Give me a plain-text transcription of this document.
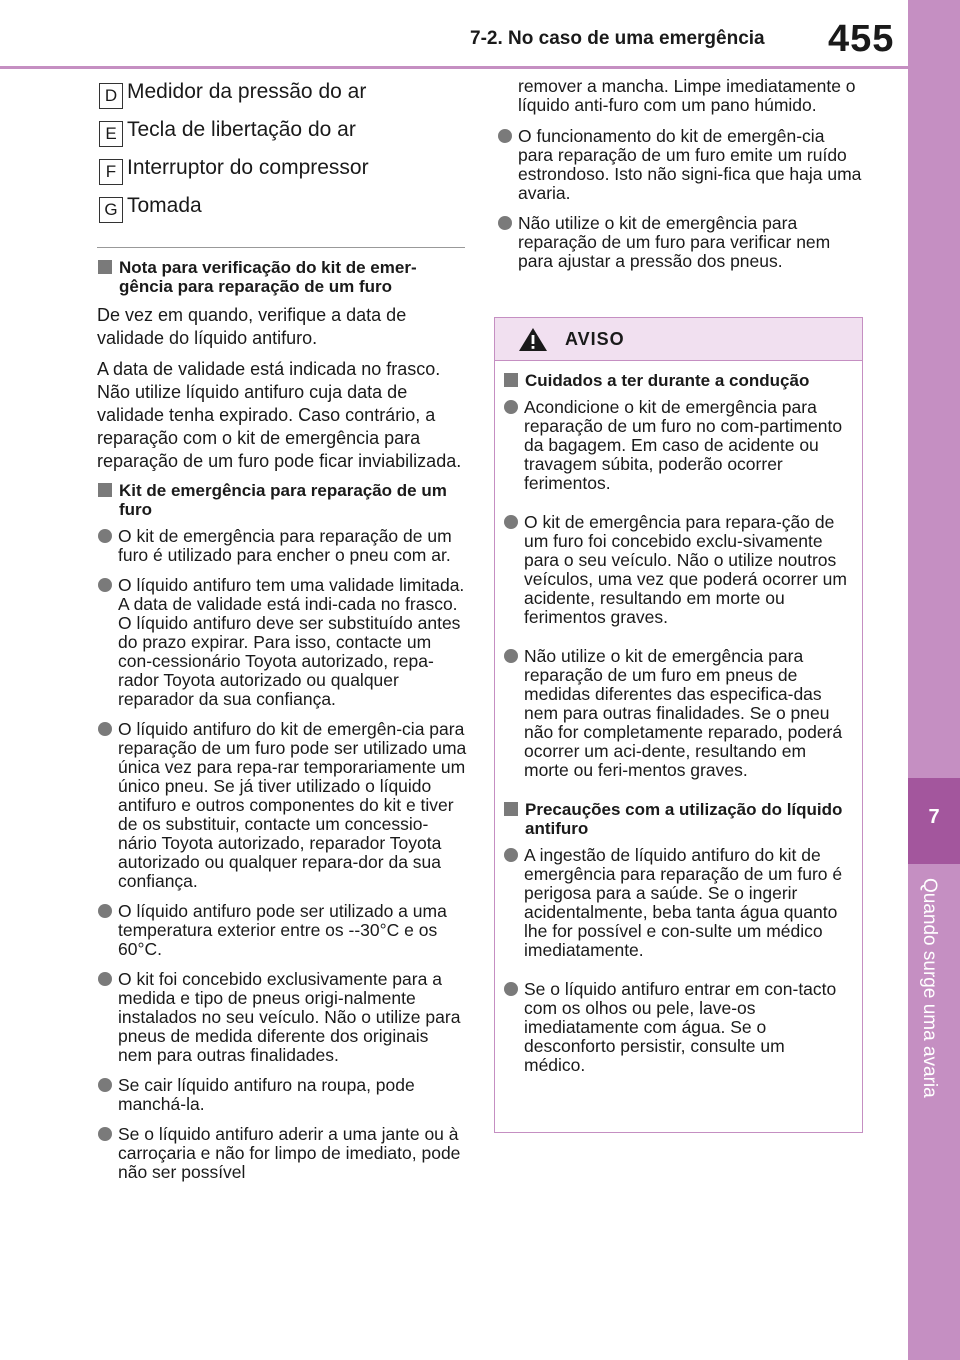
7-2. No caso de uma emergência 455
7
Quando surge uma avaria
D Medidor da pressão do ar
E Tecla de libertação do ar
F Interruptor do compressor
G Tomada
Nota para verificação do kit de emer-gência para reparação de um furo
De vez em quando, verifique a data de validade do líquido antifuro.
A data de validade está indicada no frasco. Não utilize líquido antifuro cuja data de validade tenha expirado. Caso contrário, a reparação com o kit de emergência para reparação de um furo pode ficar inviabilizada.
Kit de emergência para reparação de um furo
O kit de emergência para reparação de um furo é utilizado para encher o pneu com ar.
O líquido antifuro tem uma validade limitada. A data de validade está indi-cada no frasco. O líquido antifuro deve ser substituído antes do prazo expirar. Para isso, contacte um con-cessionário Toyota autorizado, repa-rador Toyota autorizado ou qualquer reparador da sua confiança.
O líquido antifuro do kit de emergên-cia para reparação de um furo pode ser utilizado uma única vez para repa-rar temporariamente um único pneu. Se já tiver utilizado o líquido antifuro e outros componentes do kit e tiver de os substituir, contacte um concessio-nário Toyota autorizado, reparador Toyota autorizado ou qualquer repara-dor da sua confiança.
O líquido antifuro pode ser utilizado a uma temperatura exterior entre os --30°C e os 60°C.
O kit foi concebido exclusivamente para a medida e tipo de pneus origi-nalmente instalados no seu veículo. Não o utilize para pneus de medida diferente dos originais nem para outras finalidades.
Se cair líquido antifuro na roupa, pode manchá-la.
Se o líquido antifuro aderir a uma jante ou à carroçaria e não for limpo de imediato, pode não ser possível
remover a mancha. Limpe imediatamente o líquido anti-furo com um pano húmido.
O funcionamento do kit de emergên-cia para reparação de um furo emite um ruído estrondoso. Isto não signi-fica que haja uma avaria.
Não utilize o kit de emergência para reparação de um furo para verificar nem para ajustar a pressão dos pneus.
AVISO
Cuidados a ter durante a condução
Acondicione o kit de emergência para reparação de um furo no com-partimento da bagagem. Em caso de acidente ou travagem súbita, poderão ocorrer ferimentos.
O kit de emergência para repara-ção de um furo foi concebido exclu-sivamente para o seu veículo. Não o utilize noutros veículos, uma vez que poderá ocorrer um acidente, resultando em morte ou ferimentos graves.
Não utilize o kit de emergência para reparação de um furo em pneus de medidas diferentes das especifica-das nem para outras finalidades. Se o pneu não for completamente reparado, poderá ocorrer um aci-dente, resultando em morte ou feri-mentos graves.
Precauções com a utilização do líquido antifuro
A ingestão de líquido antifuro do kit de emergência para reparação de um furo é perigosa para a saúde. Se o ingerir acidentalmente, beba tanta água quanto lhe for possível e con-sulte um médico imediatamente.
Se o líquido antifuro entrar em con-tacto com os olhos ou pele, lave-os imediatamente com água. Se o desconforto persistir, consulte um médico.
